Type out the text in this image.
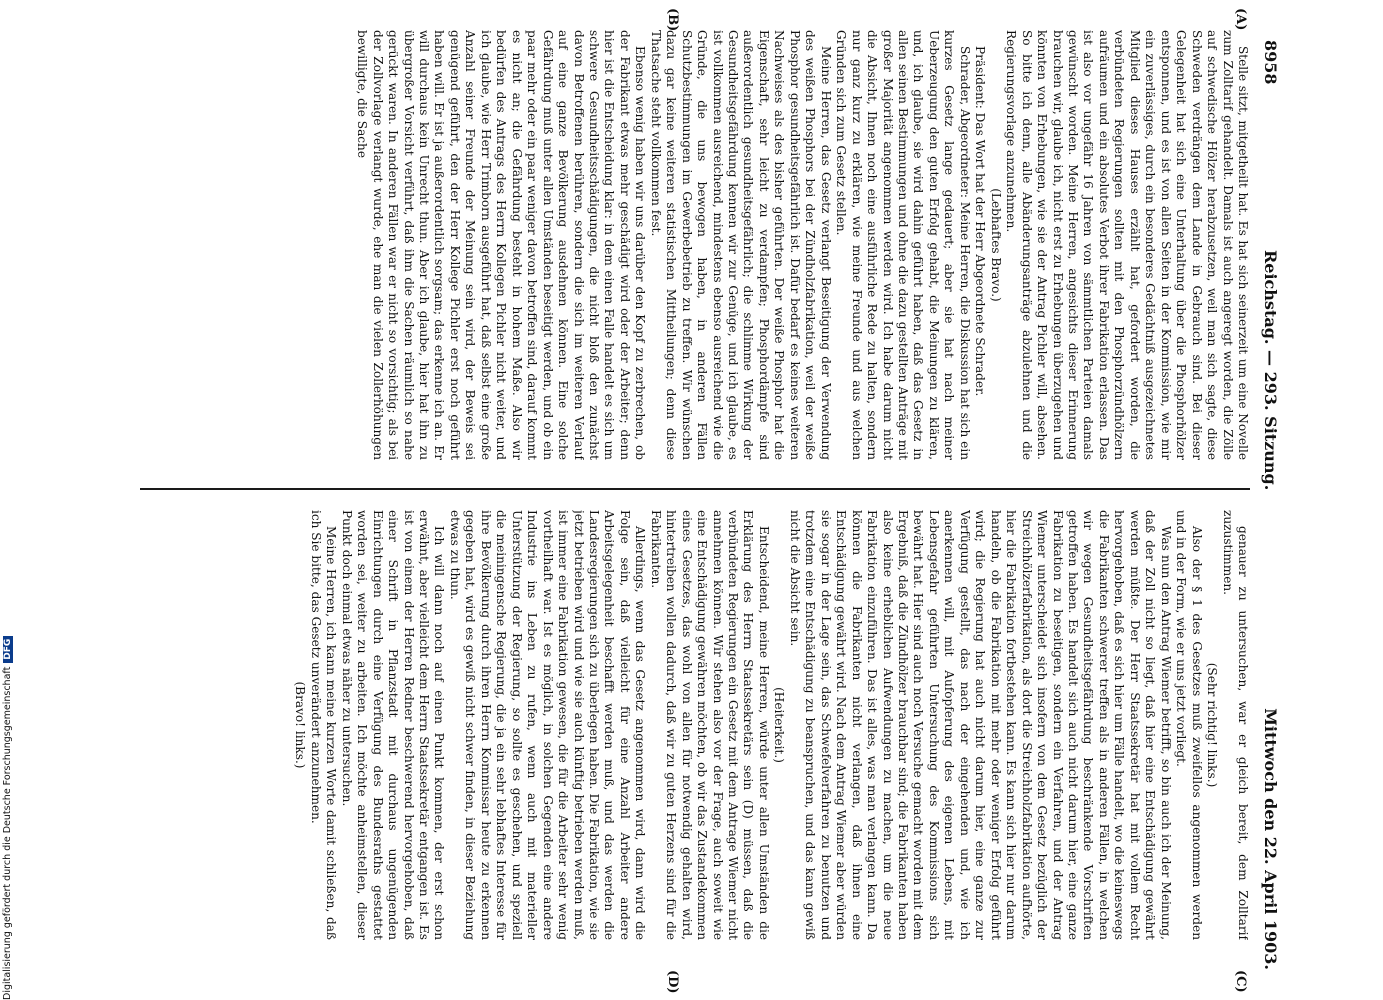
8958
Reichstag. — 293. Sitzung.
Mittwoch den 22. April 1903.
(A)
(B)
(C)
(D)

Stelle sitzt, mitgetheilt hat. Es hat sich seinerzeit um eine Novelle zum Zolltarif gehandelt. Damals ist auch angeregt worden, die Zölle auf schwedische Hölzer herabzusetzen, weil man sich sagte, diese Schweden verdrängen dem Lande in Gebrauch sind. Bei dieser Gelegenheit hat sich eine Unterhaltung über die Phosphorhölzer entsponnen, und es ist von allen Seiten in der Kommission, wie mir ein zuverlässiges, durch ein besonderes Gedächtniß ausgezeichnetes Mitglied dieses Hauses erzählt hat, gefordert worden, die verbündeten Regierungen sollten mit den Phosphorzündhölzern aufräumen und ein absolutes Verbot ihrer Fabrikation erlassen. Das ist also vor ungefähr 16 Jahren von sämmtlichen Parteien damals gewünscht worden. Meine Herren, angesichts dieser Erinnerung brauchen wir, glaube ich, nicht erst zu Erhebungen überzugehen und könnten von Erhebungen, wie sie der Antrag Pichler will, absehen. So bitte ich denn, alle Abänderungsanträge abzulehnen und die Regierungsvorlage anzunehmen.

(Lebhaftes Bravo.)

Präsident: Das Wort hat der Herr Abgeordnete Schrader.

Schrader, Abgeordneter: Meine Herren, die Diskussion hat sich ein kurzes Gesetz lange gedauert; aber sie hat nach meiner Ueberzeugung den guten Erfolg gehabt, die Meinungen zu klären, und, ich glaube, sie wird dahin geführt haben, daß das Gesetz in allen seinen Bestimmungen und ohne die dazu gestellten Anträge mit großer Majorität angenommen werden wird. Ich habe darum nicht die Absicht, Ihnen noch eine ausführliche Rede zu halten, sondern nur ganz kurz zu erklären, wie meine Freunde und aus welchen Gründen sich zum Gesetz stellen.

Meine Herren, das Gesetz verlangt Beseitigung der Verwendung des weißen Phosphors bei der Zündholzfabrikation, weil der weiße Phosphor gesundheitsgefährlich ist. Dafür bedarf es keines weiteren Nachweises als des bisher geführten. Der weiße Phosphor hat die Eigenschaft, sehr leicht zu verdampfen; Phosphordämpfe sind außerordentlich gesundheitsgefährlich; die schlimme Wirkung der Gesundheitsgefährdung kennen wir zur Genüge, und ich glaube, es ist vollkommen ausreichend, mindestens ebenso ausreichend wie die Gründe, die uns bewogen haben, in anderen Fällen Schutzbestimmungen im Gewerbebetrieb zu treffen. Wir wünschen dazu gar keine weiteren statistischen Mittheilungen; denn diese Thatsache steht vollkommen fest.

Ebenso wenig haben wir uns darüber den Kopf zu zerbrechen, ob der Fabrikant etwas mehr geschädigt wird oder der Arbeiter; denn hier ist die Entscheidung klar: in dem einen Falle handelt es sich um schwere Gesundheitsschädigungen, die nicht bloß den zunächst davon Betroffenen berühren, sondern die sich im weiteren Verlauf auf eine ganze Bevölkerung ausdehnen können. Eine solche Gefährdung muß unter allen Umständen beseitigt werden, und ob ein paar mehr oder ein paar weniger davon betroffen sind, darauf kommt es nicht an; die Gefährdung besteht in hohem Maße. Also wir bedürfen des Antrags des Herrn Kollegen Pichler nicht weiter, und ich glaube, wie Herr Trimborn ausgeführt hat, daß selbst eine große Anzahl seiner Freunde der Meinung sein wird, der Beweis sei genügend geführt, den der Herr Kollege Pichler erst noch geführt haben will. Er ist ja außerordentlich sorgsam; das erkenne ich an. Er will durchaus kein Unrecht thun. Aber ich glaube, hier hat ihn zu übergroßer Vorsicht verführt, daß ihm die Sachen räumlich so nahe gerückt waren. In anderen Fällen war er nicht so vorsichtig; als bei der Zollvorlage verlangt wurde, ehe man die vielen Zollerhöhungen bewilligte, die Sache

genauer zu untersuchen, war er gleich bereit, dem Zolltarif zuzustimmen.

(Sehr richtig! links.)

Also der § 1 des Gesetzes muß zweifellos angenommen werden und in der Form, wie er uns jetzt vorliegt.

Was nun den Antrag Wiemer betrifft, so bin auch ich der Meinung, daß der Zoll nicht so liegt, daß hier eine Entschädigung gewährt werden müßte. Der Herr Staatssekretär hat mit vollem Recht hervorgehoben, daß es sich hier um Fälle handelt, wo die keineswegs die Fabrikanten schwerer treffen als in anderen Fällen, in welchen wir wegen Gesundheitsgefährdung beschränkende Vorschriften getroffen haben. Es handelt sich auch nicht darum hier, eine ganze Fabrikation zu beseitigen, sondern ein Verfahren, und der Antrag Wiemer unterscheidet sich insofern von dem Gesetz bezüglich der Streichhölzerfabrikation, als dort die Streichholzfabrikation aufhörte, hier die Fabrikation fortbestehen kann. Es kann sich hier nur darum handeln, ob die Fabrikation mit mehr oder weniger Erfolg geführt wird; die Regierung hat auch nicht darum hier, eine ganze zur Verfügung gestellt, das nach der eingehenden und, wie ich anerkennen will, mit Aufopferung des eigenen Lebens, mit Lebensgefahr geführten Untersuchung des Kommissions sich bewährt hat. Hier sind auch noch Versuche gemacht worden mit dem Ergebniß, daß die Zündhölzer brauchbar sind; die Fabrikanten haben also keine erheblichen Aufwendungen zu machen, um die neue Fabrikation einzuführen. Das ist alles, was man verlangen kann. Da können die Fabrikanten nicht verlangen, daß ihnen eine Entschädigung gewährt wird. Nach dem Antrag Wiemer aber würden sie sogar in der Lage sein, das Schwefelverfahren zu benutzen und trotzdem eine Entschädigung zu beanspruchen, und das kann gewiß nicht die Absicht sein.

(Heiterkeit.)

Entscheidend, meine Herren, würde unter allen Umständen die Erklärung des Herrn Staatssekretärs sein (D) müssen, daß die verbündeten Regierungen ein Gesetz mit dem Antrage Wiemer nicht annehmen können. Wir stehen also vor der Frage, auch soweit wie eine Entschädigung gewähren möchten, ob wir das Zustandekommen eines Gesetzes, das wohl von allen für notwendig gehalten wird, hintertreiben wollen dadurch, daß wir zu guten Herzens sind für die Fabrikanten.

Allerdings, wenn das Gesetz angenommen wird, dann wird die Folge sein, daß vielleicht für eine Anzahl Arbeiter andere Arbeitsgelegenheit beschafft werden muß, und das werden die Landesregierungen sich zu überlegen haben. Die Fabrikation, wie sie jetzt betrieben wird und wie sie auch künftig betrieben werden muß, ist immer eine Fabrikation gewesen, die für die Arbeiter sehr wenig vortheilhaft war. Ist es möglich, in solchen Gegenden eine andere Industrie ins Leben zu rufen, wenn auch mit materieller Unterstützung der Regierung, so sollte es geschehen, und speziell die meiningensche Regierung, die ja ein sehr lebhaftes Interesse für ihre Bevölkerung durch ihren Herrn Kommissar heute zu erkennen gegeben hat, wird es gewiß nicht schwer finden, in dieser Beziehung etwas zu thun.

Ich will dann noch auf einen Punkt kommen, der erst schon erwähnt, aber vielleicht dem Herrn Staatssekretär entgangen ist. Es ist von einem der Herren Redner beschwerend hervorgehoben, daß einer Schrift in Pflanzstadt mit durchaus ungenügenden Einrichtungen durch eine Verfügung des Bundesraths gestattet worden sei, weiter zu arbeiten. Ich möchte anheimstellen, dieser Punkt doch einmal etwas näher zu untersuchen.

Meine Herren, ich kann meine kurzen Worte damit schließen, daß ich Sie bitte, das Gesetz unverändert anzunehmen.

(Bravo! links.)

Digitalisierung gefördert durch die Deutsche ForschungsgemeinschaftDFG
